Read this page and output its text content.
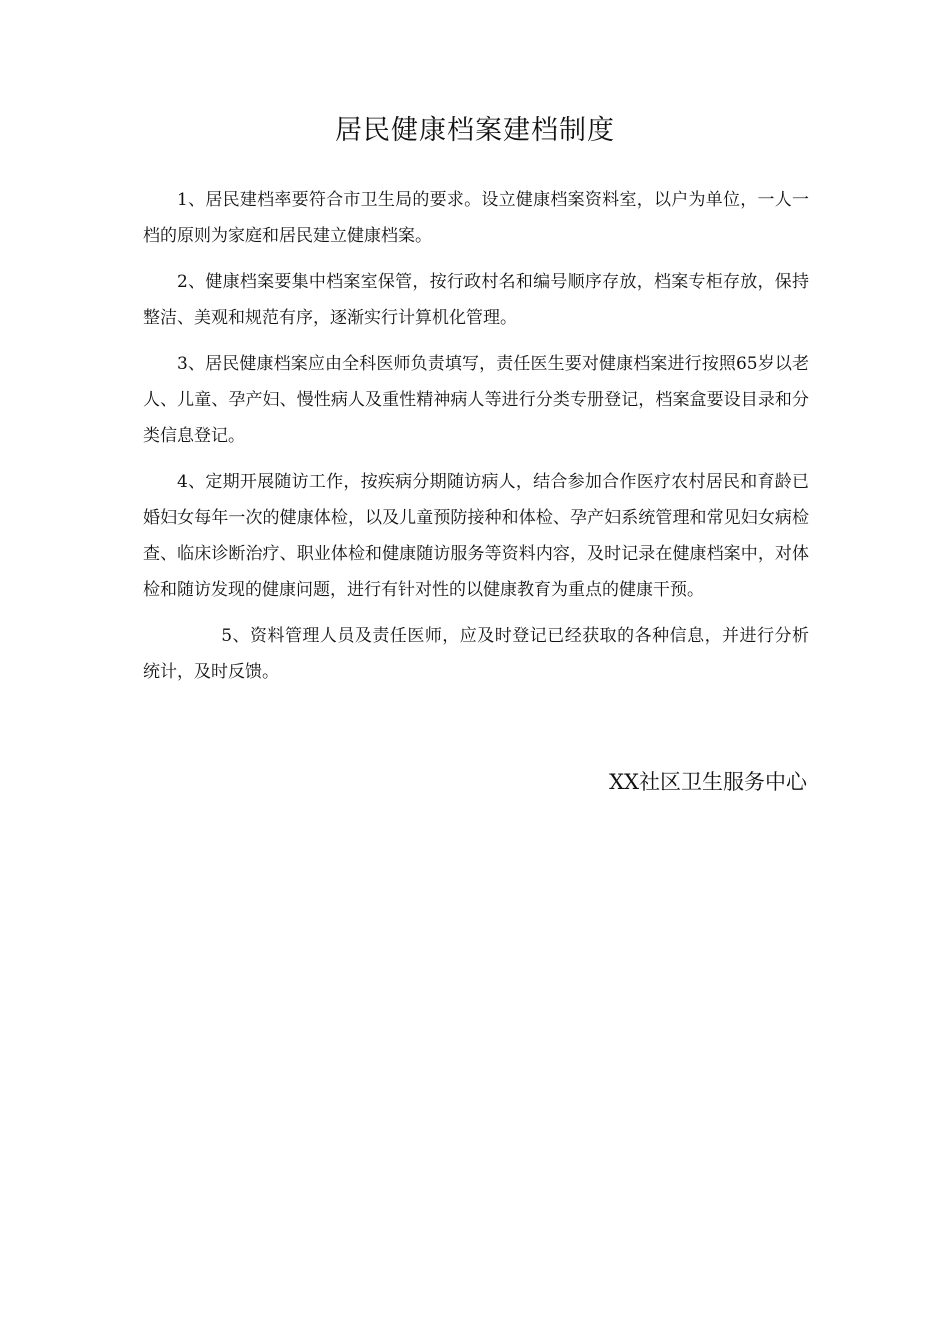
居民健康档案建档制度

1、居民建档率要符合市卫生局的要求。设立健康档案资料室，以户为单位，一人一档的原则为家庭和居民建立健康档案。

2、健康档案要集中档案室保管，按行政村名和编号顺序存放，档案专柜存放，保持整洁、美观和规范有序，逐渐实行计算机化管理。

3、居民健康档案应由全科医师负责填写，责任医生要对健康档案进行按照65岁以老人、儿童、孕产妇、慢性病人及重性精神病人等进行分类专册登记，档案盒要设目录和分类信息登记。

4、定期开展随访工作，按疾病分期随访病人，结合参加合作医疗农村居民和育龄已婚妇女每年一次的健康体检，以及儿童预防接种和体检、孕产妇系统管理和常见妇女病检查、临床诊断治疗、职业体检和健康随访服务等资料内容，及时记录在健康档案中，对体检和随访发现的健康问题，进行有针对性的以健康教育为重点的健康干预。

5、资料管理人员及责任医师，应及时登记已经获取的各种信息，并进行分析统计，及时反馈。

XX社区卫生服务中心
